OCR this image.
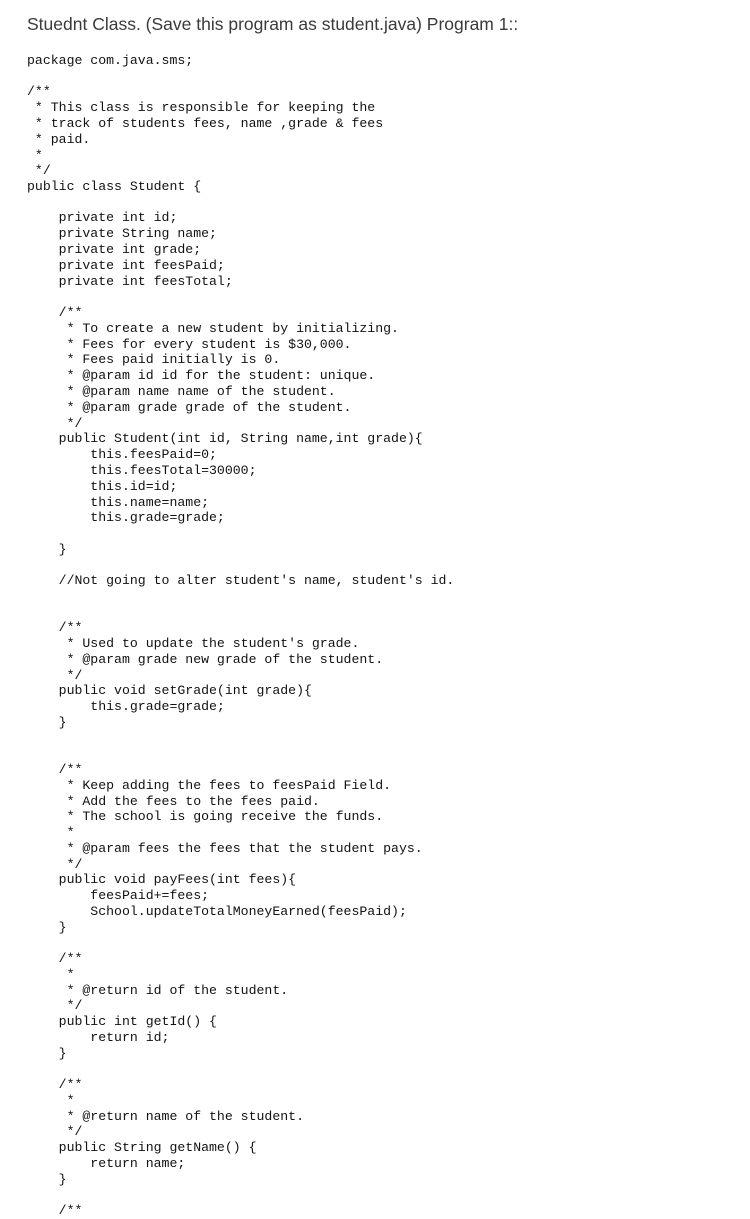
Stuednt Class. (Save this program as student.java) Program 1::
package com.java.sms;
/**
* This class is responsible for keeping the
* track of students fees, name ,grade & fees
* paid.
*
*/
public class Student {
private int id;
private String name;
private int grade;
private int feesPaid;
private int feesTotal;
/**
* To create a new student by initializing.
* Fees for every student is $30,000.
* Fees paid initially is 0.
* @param id id for the student: unique.
* @param name name of the student.
* @param grade grade of the student.
*/
public Student(int id, String name,int grade){
this.feesPaid=0;
this.feesTotal=30000;
this.id=id;
this.name=name;
this.grade=grade;
}
//Not going to alter student's name, student's id.
/**
* Used to update the student's grade.
* @param grade new grade of the student.
*/
public void setGrade(int grade){
this.grade=grade;
}
/**
* Keep adding the fees to feesPaid Field.
* Add the fees to the fees paid.
* The school is going receive the funds.
*
* @param fees the fees that the student pays.
*/
public void payFees(int fees){
feesPaid+=fees;
School.updateTotalMoneyEarned(feesPaid);
}
/**
*
* @return id of the student.
*/
public int getId() {
return id;
}
/**
*
* @return name of the student.
*/
public String getName() {
return name;
}
/**
